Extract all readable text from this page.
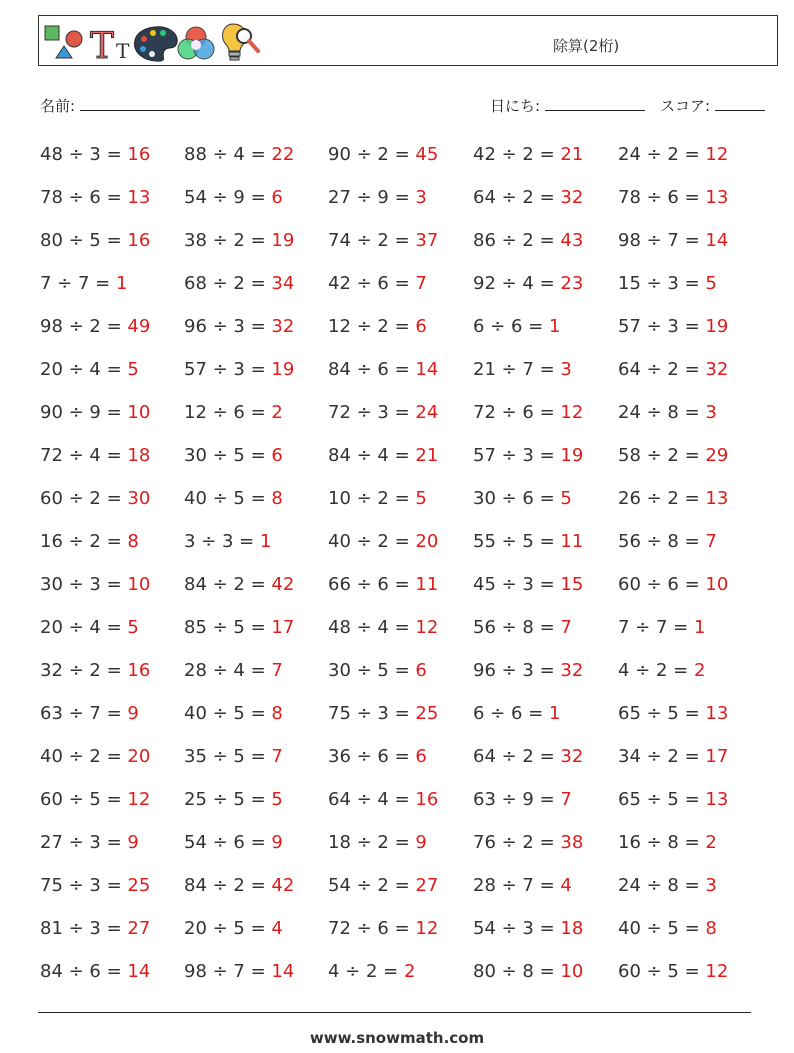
T T	除算(2桁)
名前:	日にち:	スコア:
48 ÷ 3 = 16	88 ÷ 4 = 22	90 ÷ 2 = 45	42 ÷ 2 = 21	24 ÷ 2 = 12
78 ÷ 6 = 13	54 ÷ 9 = 6	27 ÷ 9 = 3	64 ÷ 2 = 32	78 ÷ 6 = 13
80 ÷ 5 = 16	38 ÷ 2 = 19	74 ÷ 2 = 37	86 ÷ 2 = 43	98 ÷ 7 = 14
7 ÷ 7 = 1	68 ÷ 2 = 34	42 ÷ 6 = 7	92 ÷ 4 = 23	15 ÷ 3 = 5
98 ÷ 2 = 49	96 ÷ 3 = 32	12 ÷ 2 = 6	6 ÷ 6 = 1	57 ÷ 3 = 19
20 ÷ 4 = 5	57 ÷ 3 = 19	84 ÷ 6 = 14	21 ÷ 7 = 3	64 ÷ 2 = 32
90 ÷ 9 = 10	12 ÷ 6 = 2	72 ÷ 3 = 24	72 ÷ 6 = 12	24 ÷ 8 = 3
72 ÷ 4 = 18	30 ÷ 5 = 6	84 ÷ 4 = 21	57 ÷ 3 = 19	58 ÷ 2 = 29
60 ÷ 2 = 30	40 ÷ 5 = 8	10 ÷ 2 = 5	30 ÷ 6 = 5	26 ÷ 2 = 13
16 ÷ 2 = 8	3 ÷ 3 = 1	40 ÷ 2 = 20	55 ÷ 5 = 11	56 ÷ 8 = 7
30 ÷ 3 = 10	84 ÷ 2 = 42	66 ÷ 6 = 11	45 ÷ 3 = 15	60 ÷ 6 = 10
20 ÷ 4 = 5	85 ÷ 5 = 17	48 ÷ 4 = 12	56 ÷ 8 = 7	7 ÷ 7 = 1
32 ÷ 2 = 16	28 ÷ 4 = 7	30 ÷ 5 = 6	96 ÷ 3 = 32	4 ÷ 2 = 2
63 ÷ 7 = 9	40 ÷ 5 = 8	75 ÷ 3 = 25	6 ÷ 6 = 1	65 ÷ 5 = 13
40 ÷ 2 = 20	35 ÷ 5 = 7	36 ÷ 6 = 6	64 ÷ 2 = 32	34 ÷ 2 = 17
60 ÷ 5 = 12	25 ÷ 5 = 5	64 ÷ 4 = 16	63 ÷ 9 = 7	65 ÷ 5 = 13
27 ÷ 3 = 9	54 ÷ 6 = 9	18 ÷ 2 = 9	76 ÷ 2 = 38	16 ÷ 8 = 2
75 ÷ 3 = 25	84 ÷ 2 = 42	54 ÷ 2 = 27	28 ÷ 7 = 4	24 ÷ 8 = 3
81 ÷ 3 = 27	20 ÷ 5 = 4	72 ÷ 6 = 12	54 ÷ 3 = 18	40 ÷ 5 = 8
84 ÷ 6 = 14	98 ÷ 7 = 14	4 ÷ 2 = 2	80 ÷ 8 = 10	60 ÷ 5 = 12
www.snowmath.com
